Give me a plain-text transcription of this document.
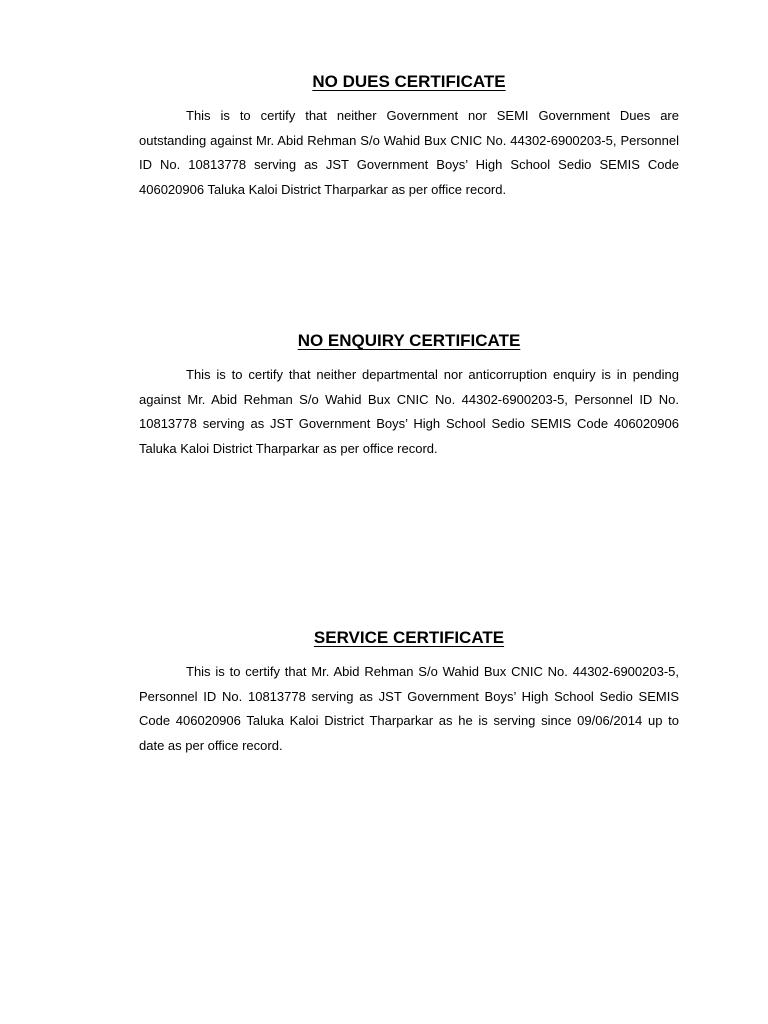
NO DUES CERTIFICATE

This is to certify that neither Government nor SEMI Government Dues are outstanding against Mr. Abid Rehman S/o Wahid Bux CNIC No. 44302-6900203-5, Personnel ID No. 10813778 serving as JST Government Boys’ High School Sedio SEMIS Code 406020906 Taluka Kaloi District Tharparkar as per office record.

NO ENQUIRY CERTIFICATE

This is to certify that neither departmental nor anticorruption enquiry is in pending against Mr. Abid Rehman S/o Wahid Bux CNIC No. 44302-6900203-5, Personnel ID No. 10813778 serving as JST Government Boys’ High School Sedio SEMIS Code 406020906 Taluka Kaloi District Tharparkar as per office record.

SERVICE CERTIFICATE

This is to certify that Mr. Abid Rehman S/o Wahid Bux CNIC No. 44302-6900203-5, Personnel ID No. 10813778 serving as JST Government Boys’ High School Sedio SEMIS Code 406020906 Taluka Kaloi District Tharparkar as he is serving since 09/06/2014 up to date as per office record.
